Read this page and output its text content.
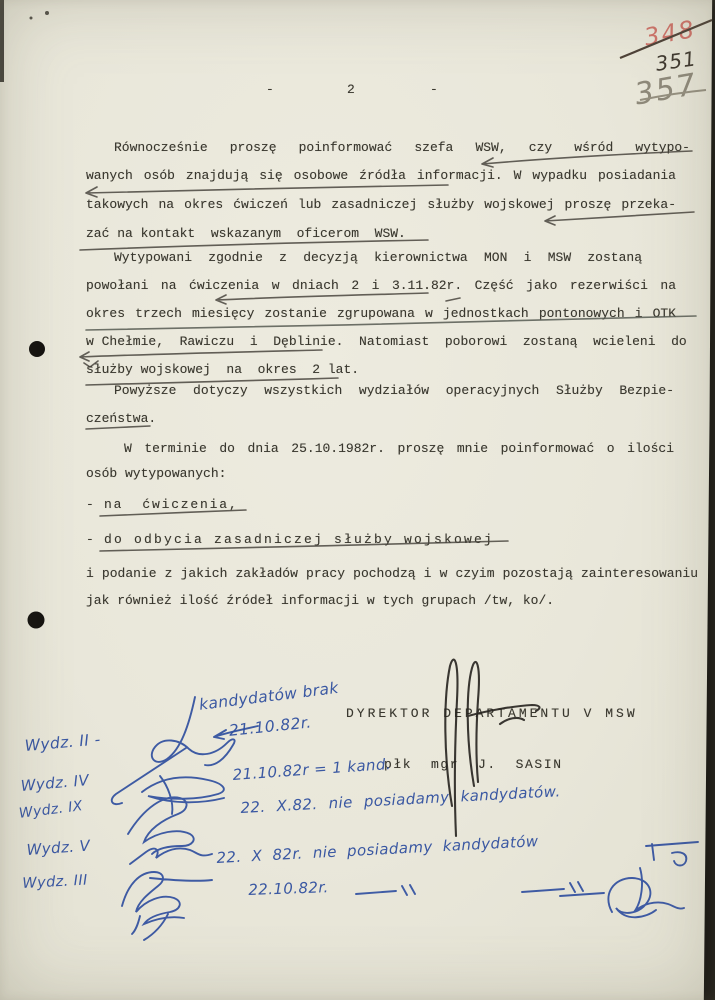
348
351
357
-	2	-
Równocześnie proszę poinformować szefa WSW, czy wśród wytypo-
wanych osób znajdują się osobowe źródła informacji. W wypadku posiadania
takowych na okres ćwiczeń lub zasadniczej służby wojskowej proszę przeka-
zać na kontakt  wskazanym  oficerom  WSW.
Wytypowani zgodnie z decyzją kierownictwa MON i MSW zostaną
powołani na ćwiczenia w dniach 2 i 3.11.82r. Część jako rezerwiści na
okres trzech miesięcy zostanie zgrupowana w jednostkach pontonowych i OTK
w Chełmie,  Rawiczu  i  Dęblinie.  Natomiast  poborowi  zostaną  wcieleni  do
służby wojskowej  na  okres  2 lat.
Powyższe dotyczy wszystkich wydziałów operacyjnych Służby Bezpie-
czeństwa.
W terminie do dnia 25.10.1982r. proszę mnie poinformować o ilości
osób wytypowanych:
- na  ćwiczenia,
- do odbycia zasadniczej służby wojskowej
i podanie z jakich zakładów pracy pochodzą i w czyim pozostają zainteresowaniu
jak również ilość źródeł informacji w tych grupach /tw, ko/.
DYREKTOR DEPARTAMENTU V MSW
płk  mgr  J.  SASIN
kandydatów brak
21.10.82r.
Wydz. II -
21.10.82r = 1 kand.
Wydz. IV
Wydz. IX	22. X.82. nie posiadamy kandydatów.
Wydz. V	22. X 82r. nie posiadamy kandydatów
Wydz. III	22.10.82r.
